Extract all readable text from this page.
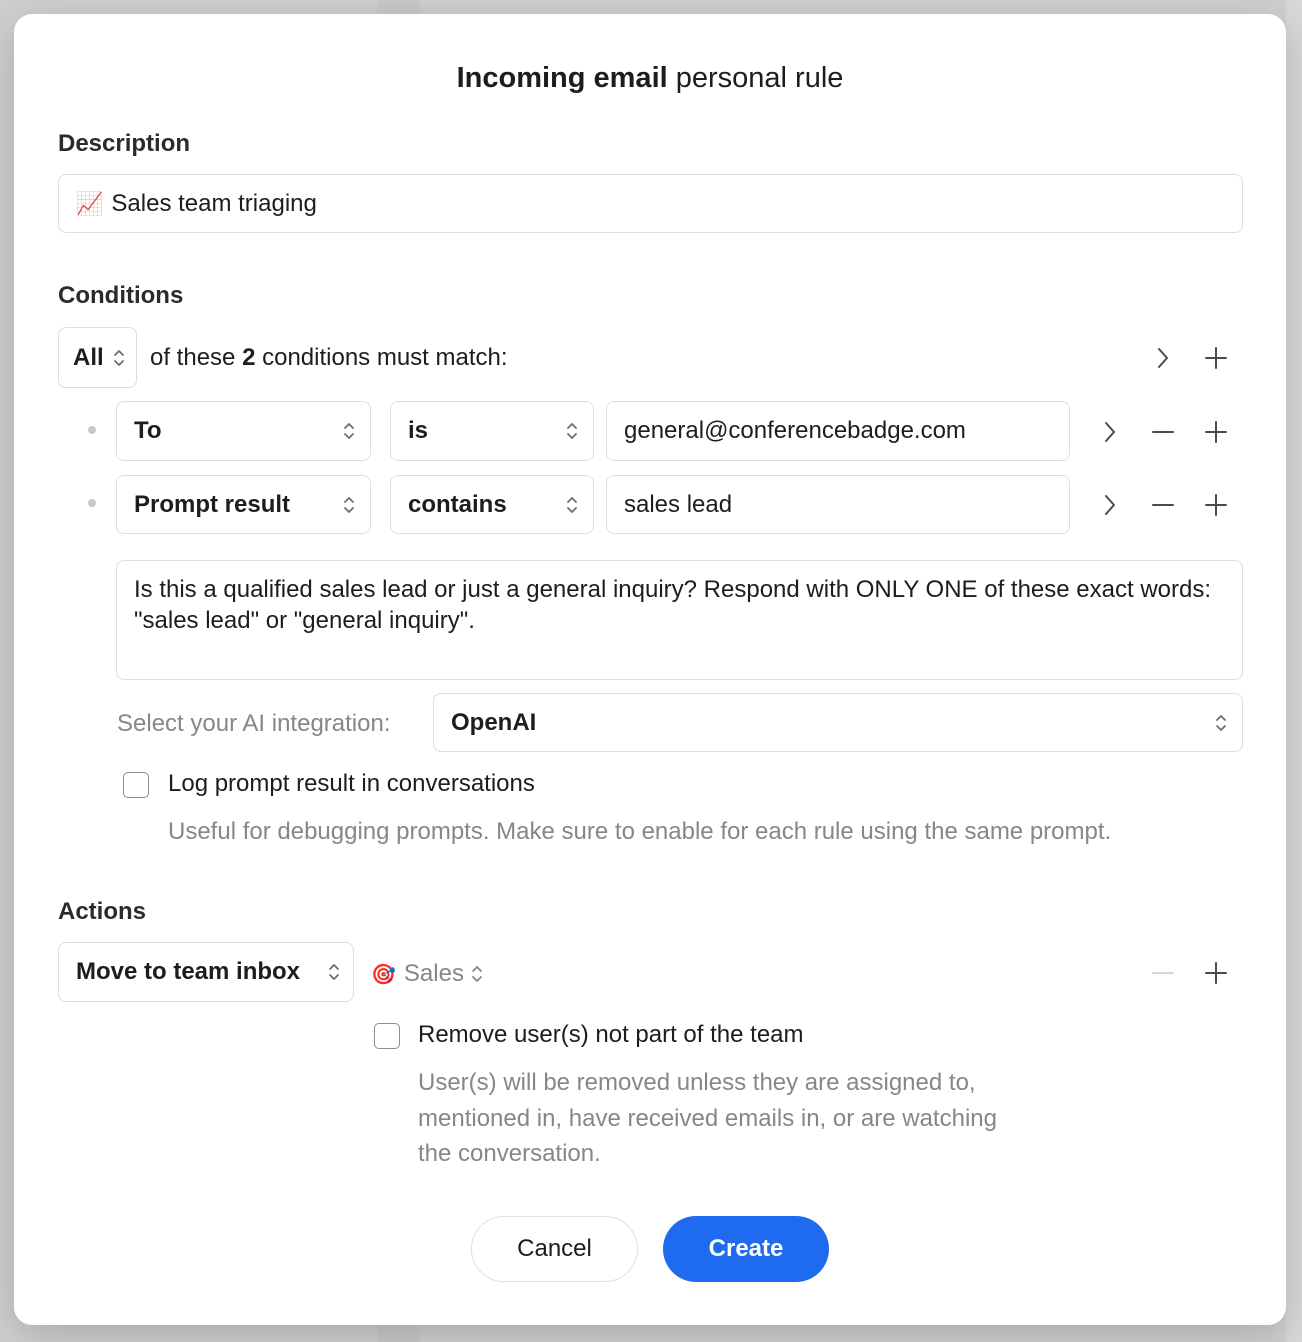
Incoming email personal rule
Description
📈 Sales team triaging
Conditions
All	of these 2 conditions must match:
To	is	general@conferencebadge.com
Prompt result	contains	sales lead
Is this a qualified sales lead or just a general inquiry? Respond with ONLY ONE of these exact words: "sales lead" or "general inquiry".
Select your AI integration:	OpenAI
Log prompt result in conversations
Useful for debugging prompts. Make sure to enable for each rule using the same prompt.
Actions
Move to team inbox	🎯 Sales
Remove user(s) not part of the team
User(s) will be removed unless they are assigned to,
mentioned in, have received emails in, or are watching
the conversation.
Cancel	Create
